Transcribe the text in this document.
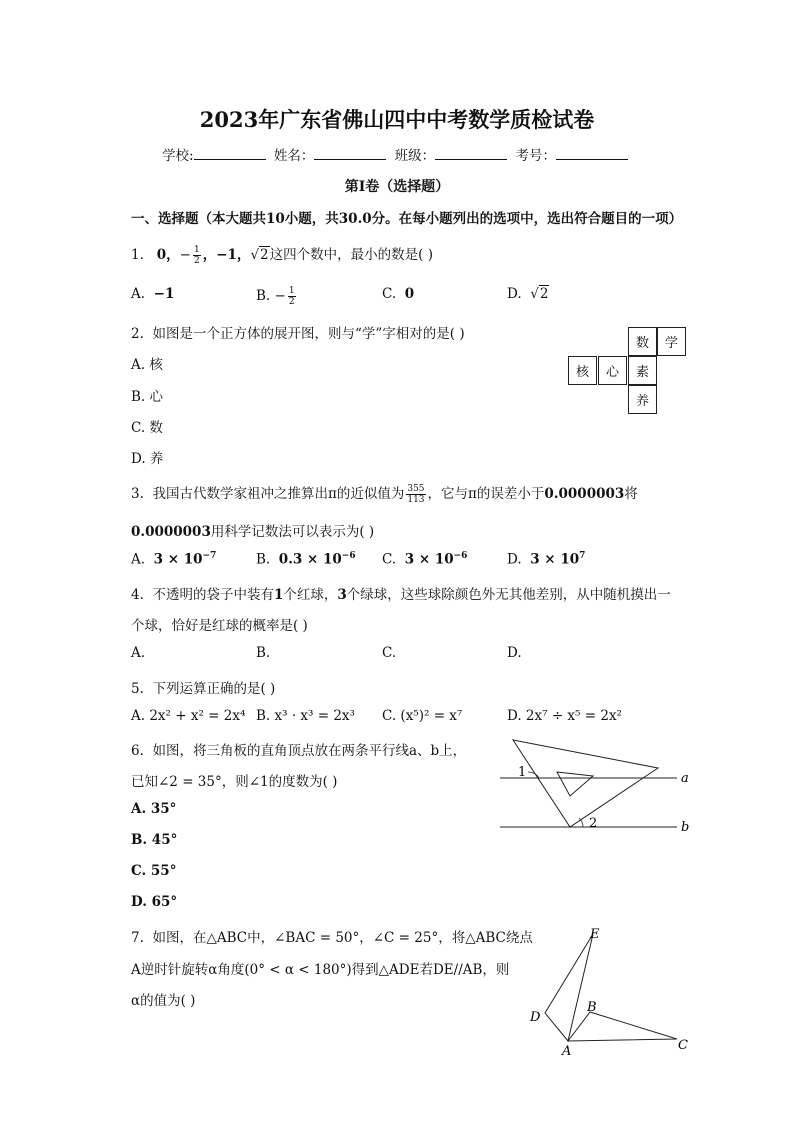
2023年广东省佛山四中中考数学质检试卷
学校:	姓名：	班级：	考号：
第I卷（选择题）
一、选择题（本大题共10小题，共30.0分。在每小题列出的选项中，选出符合题目的一项）
1. 0，− $\frac{1}{2}$ ，−1，√2这四个数中，最小的数是( )
A. −1	B. − $\frac{1}{2}$	C. 0	D. √2
2. 如图是一个正方体的展开图，则与“学”字相对的是( )
A. 核
B. 心
C. 数
D. 养
数	学
核	心	素
养
3. 我国古代数学家祖冲之推算出π的近似值为 $\frac{355}{113}$ ，它与π的误差小于0.0000003将
0.0000003用科学记数法可以表示为( )
A.  $3 \times 10^{-7}$	B.  $0.3 \times 10^{-6}$ C.  $3 \times 10^{-6}$	D.  $3 \times 10^7$
4. 不透明的袋子中装有1个红球，3个绿球，这些球除颜色外无其他差别，从中随机摸出一
个球，恰好是红球的概率是( )
A.	B.	C.	D.
5. 下列运算正确的是( )
A. 2x² + x² = 2x⁴ B. x³ · x³ = 2x³ C. (x⁵)² = x⁷	D. 2x⁷ ÷ x⁵ = 2x²
6. 如图，将三角板的直角顶点放在两条平行线a、b上，
已知∠2 = 35°，则∠1的度数为( )
A. 35°
B. 45°
C. 55°
D. 65°
1
2
a
b
7. 如图，在△ABC中，∠BAC = 50°，∠C = 25°，将△ABC绕点
A逆时针旋转α角度(0° < α < 180°)得到△ADE若DE//AB，则
α的值为( )
E
D
B
A	C
